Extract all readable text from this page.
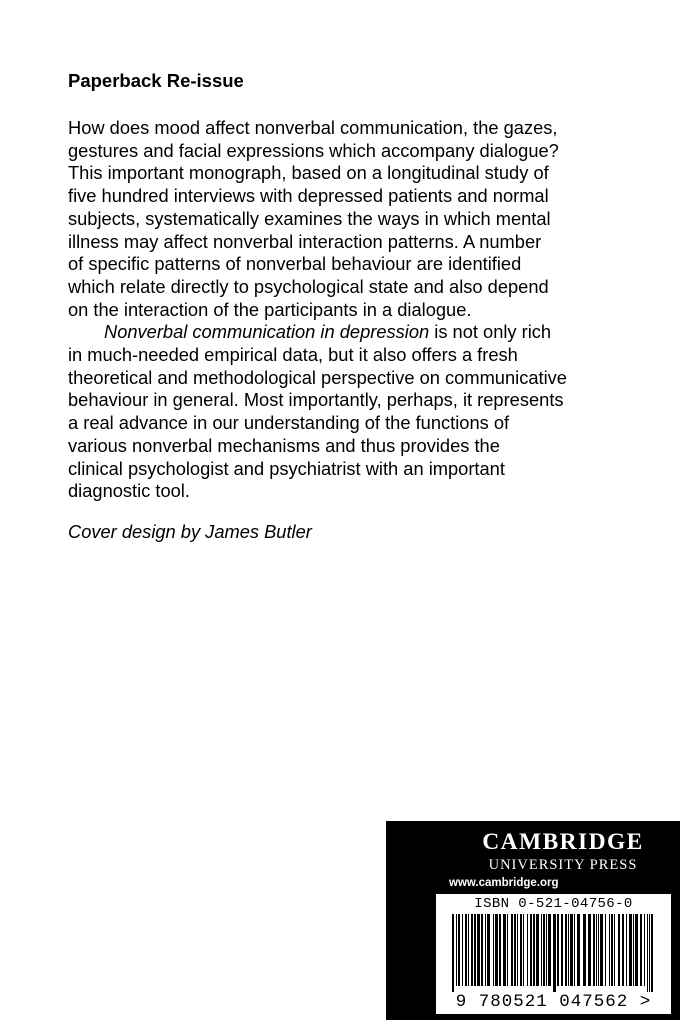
Paperback Re-issue
How does mood affect nonverbal communication, the gazes,
gestures and facial expressions which accompany dialogue?
This important monograph, based on a longitudinal study of
five hundred interviews with depressed patients and normal
subjects, systematically examines the ways in which mental
illness may affect nonverbal interaction patterns. A number
of specific patterns of nonverbal behaviour are identified
which relate directly to psychological state and also depend
on the interaction of the participants in a dialogue.
Nonverbal communication in depression is not only rich
in much-needed empirical data, but it also offers a fresh
theoretical and methodological perspective on communicative
behaviour in general. Most importantly, perhaps, it represents
a real advance in our understanding of the functions of
various nonverbal mechanisms and thus provides the
clinical psychologist and psychiatrist with an important
diagnostic tool.
Cover design by James Butler
CAMBRIDGE
UNIVERSITY PRESS
www.cambridge.org
ISBN 0-521-04756-0
9 780521 047562 >
